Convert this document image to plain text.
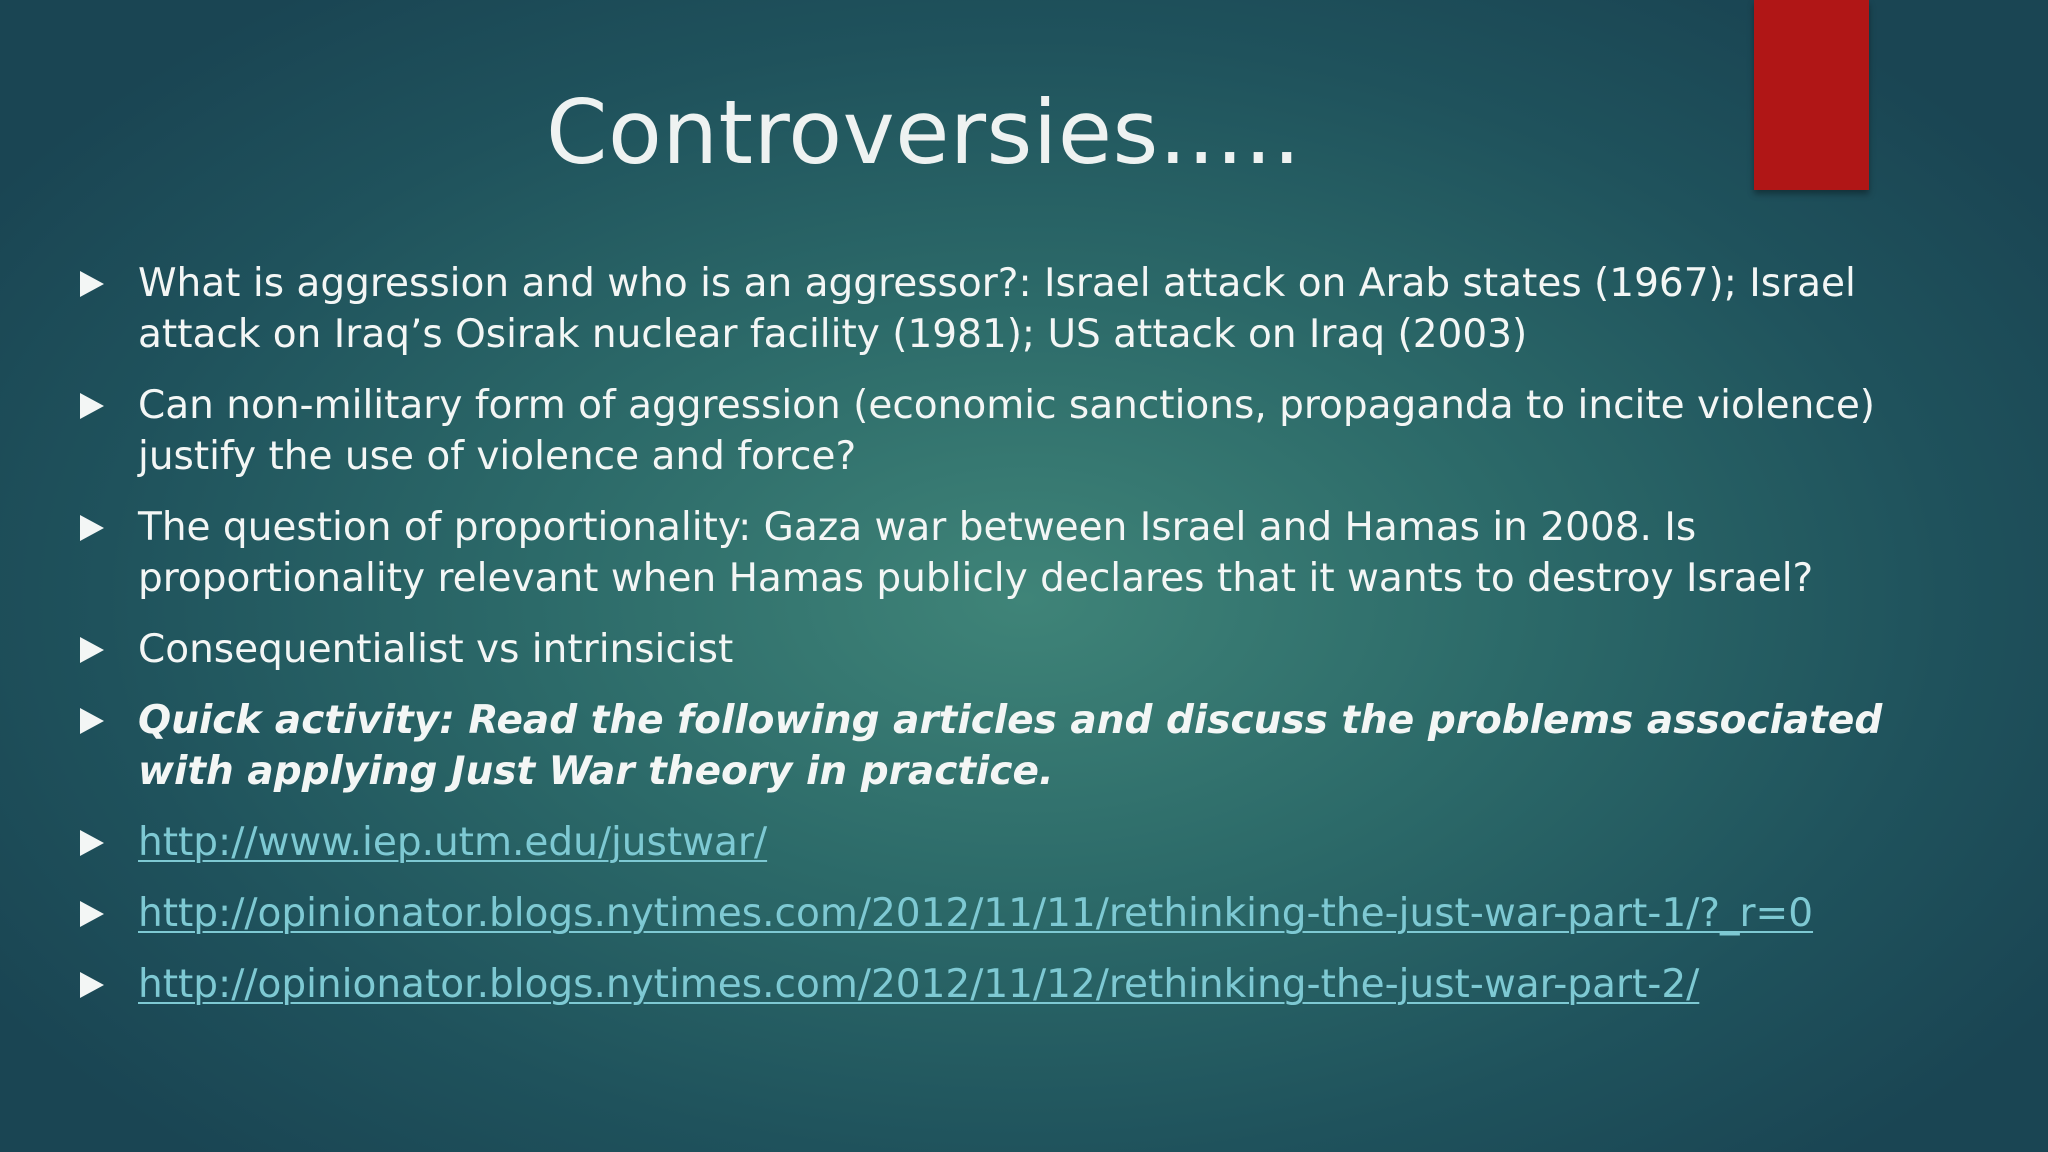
Controversies.....
What is aggression and who is an aggressor?: Israel attack on Arab states (1967); Israel attack on Iraq’s Osirak nuclear facility (1981); US attack on Iraq (2003)
Can non-military form of aggression (economic sanctions, propaganda to incite violence) justify the use of violence and force?
The question of proportionality: Gaza war between Israel and Hamas in 2008. Is proportionality relevant when Hamas publicly declares that it wants to destroy Israel?
Consequentialist vs intrinsicist
Quick activity: Read the following articles and discuss the problems associated with applying Just War theory in practice.
http://www.iep.utm.edu/justwar/
http://opinionator.blogs.nytimes.com/2012/11/11/rethinking-the-just-war-part-1/?_r=0
http://opinionator.blogs.nytimes.com/2012/11/12/rethinking-the-just-war-part-2/
